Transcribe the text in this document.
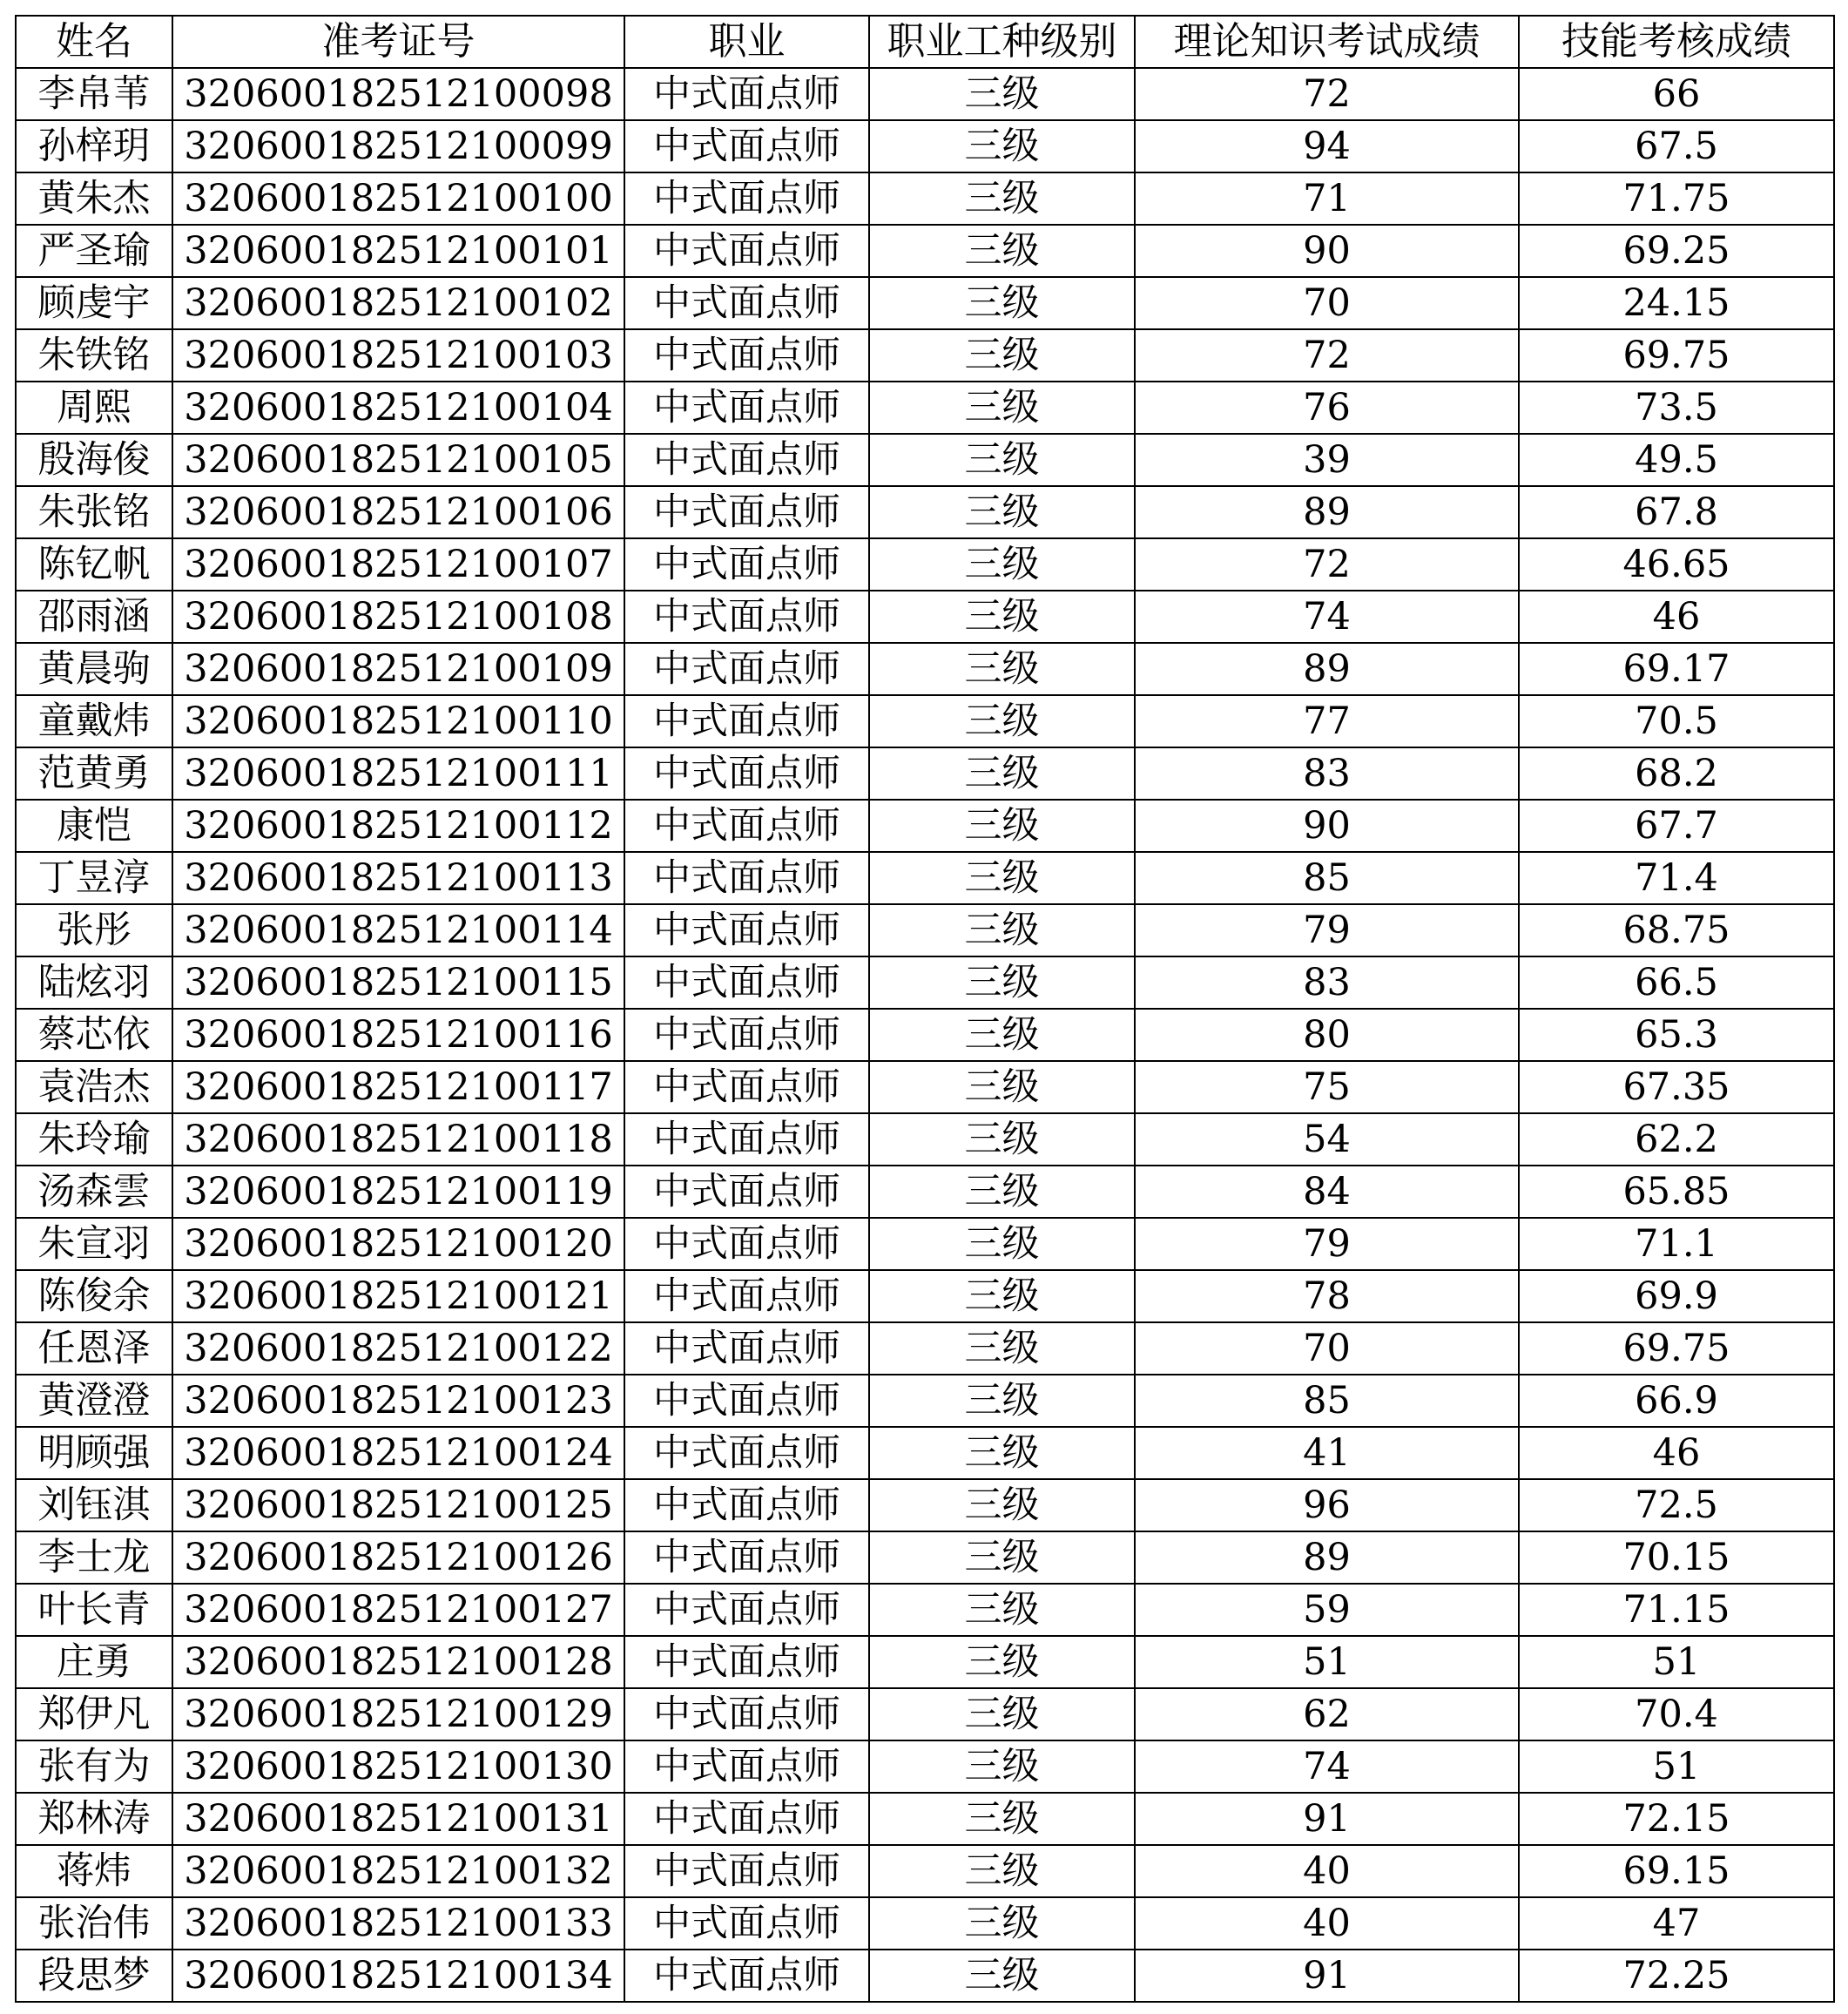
姓名	准考证号	职业	职业工种级别	理论知识考试成绩	技能考核成绩
李帛苇	320600182512100098	中式面点师	三级	72	66
孙梓玥	320600182512100099	中式面点师	三级	94	67.5
黄朱杰	320600182512100100	中式面点师	三级	71	71.75
严圣瑜	320600182512100101	中式面点师	三级	90	69.25
顾虔宇	320600182512100102	中式面点师	三级	70	24.15
朱铁铭	320600182512100103	中式面点师	三级	72	69.75
周熙	320600182512100104	中式面点师	三级	76	73.5
殷海俊	320600182512100105	中式面点师	三级	39	49.5
朱张铭	320600182512100106	中式面点师	三级	89	67.8
陈钇帆	320600182512100107	中式面点师	三级	72	46.65
邵雨涵	320600182512100108	中式面点师	三级	74	46
黄晨驹	320600182512100109	中式面点师	三级	89	69.17
童戴炜	320600182512100110	中式面点师	三级	77	70.5
范黄勇	320600182512100111	中式面点师	三级	83	68.2
康恺	320600182512100112	中式面点师	三级	90	67.7
丁昱淳	320600182512100113	中式面点师	三级	85	71.4
张彤	320600182512100114	中式面点师	三级	79	68.75
陆炫羽	320600182512100115	中式面点师	三级	83	66.5
蔡芯依	320600182512100116	中式面点师	三级	80	65.3
袁浩杰	320600182512100117	中式面点师	三级	75	67.35
朱玲瑜	320600182512100118	中式面点师	三级	54	62.2
汤森雲	320600182512100119	中式面点师	三级	84	65.85
朱宣羽	320600182512100120	中式面点师	三级	79	71.1
陈俊余	320600182512100121	中式面点师	三级	78	69.9
任恩泽	320600182512100122	中式面点师	三级	70	69.75
黄澄澄	320600182512100123	中式面点师	三级	85	66.9
明顾强	320600182512100124	中式面点师	三级	41	46
刘钰淇	320600182512100125	中式面点师	三级	96	72.5
李士龙	320600182512100126	中式面点师	三级	89	70.15
叶长青	320600182512100127	中式面点师	三级	59	71.15
庄勇	320600182512100128	中式面点师	三级	51	51
郑伊凡	320600182512100129	中式面点师	三级	62	70.4
张有为	320600182512100130	中式面点师	三级	74	51
郑林涛	320600182512100131	中式面点师	三级	91	72.15
蒋炜	320600182512100132	中式面点师	三级	40	69.15
张治伟	320600182512100133	中式面点师	三级	40	47
段思梦	320600182512100134	中式面点师	三级	91	72.25
